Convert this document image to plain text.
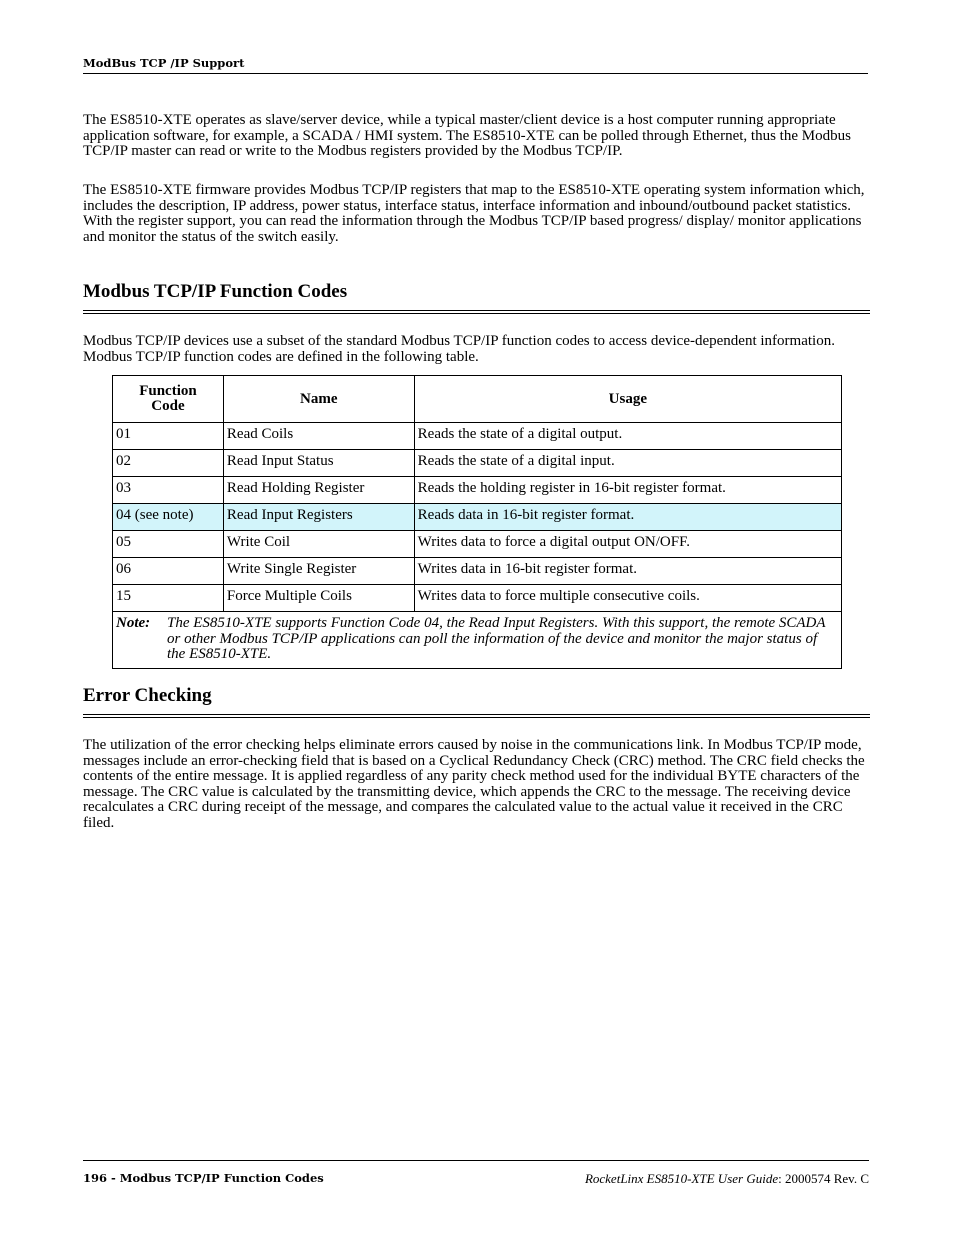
ModBus TCP /IP Support

The ES8510-XTE operates as slave/server device, while a typical master/client device is a host computer running appropriate application software, for example, a SCADA / HMI system. The ES8510-XTE can be polled through Ethernet, thus the Modbus TCP/IP master can read or write to the Modbus registers provided by the Modbus TCP/IP.

The ES8510-XTE firmware provides Modbus TCP/IP registers that map to the ES8510-XTE operating system information which, includes the description, IP address, power status, interface status, interface information and inbound/outbound packet statistics. With the register support, you can read the information through the Modbus TCP/IP based progress/ display/ monitor applications and monitor the status of the switch easily.

Modbus TCP/IP Function Codes

Modbus TCP/IP devices use a subset of the standard Modbus TCP/IP function codes to access device-dependent information. Modbus TCP/IP function codes are defined in the following table.

Function
Code	Name	Usage
01	Read Coils	Reads the state of a digital output.
02	Read Input Status	Reads the state of a digital input.
03	Read Holding Register	Reads the holding register in 16-bit register format.
04 (see note)	Read Input Registers	Reads data in 16-bit register format.
05	Write Coil	Writes data to force a digital output ON/OFF.
06	Write Single Register	Writes data in 16-bit register format.
15	Force Multiple Coils	Writes data to force multiple consecutive coils.

Note: The ES8510-XTE supports Function Code 04, the Read Input Registers. With this support, the remote SCADA or other Modbus TCP/IP applications can poll the information of the device and monitor the major status of the ES8510-XTE.		
Error Checking

The utilization of the error checking helps eliminate errors caused by noise in the communications link. In Modbus TCP/IP mode, messages include an error-checking field that is based on a Cyclical Redundancy Check (CRC) method. The CRC field checks the contents of the entire message. It is applied regardless of any parity check method used for the individual BYTE characters of the message. The CRC value is calculated by the transmitting device, which appends the CRC to the message. The receiving device recalculates a CRC during receipt of the message, and compares the calculated value to the actual value it received in the CRC filed.

196 - Modbus TCP/IP Function Codes	RocketLinx ES8510-XTE User Guide: 2000574 Rev. C
